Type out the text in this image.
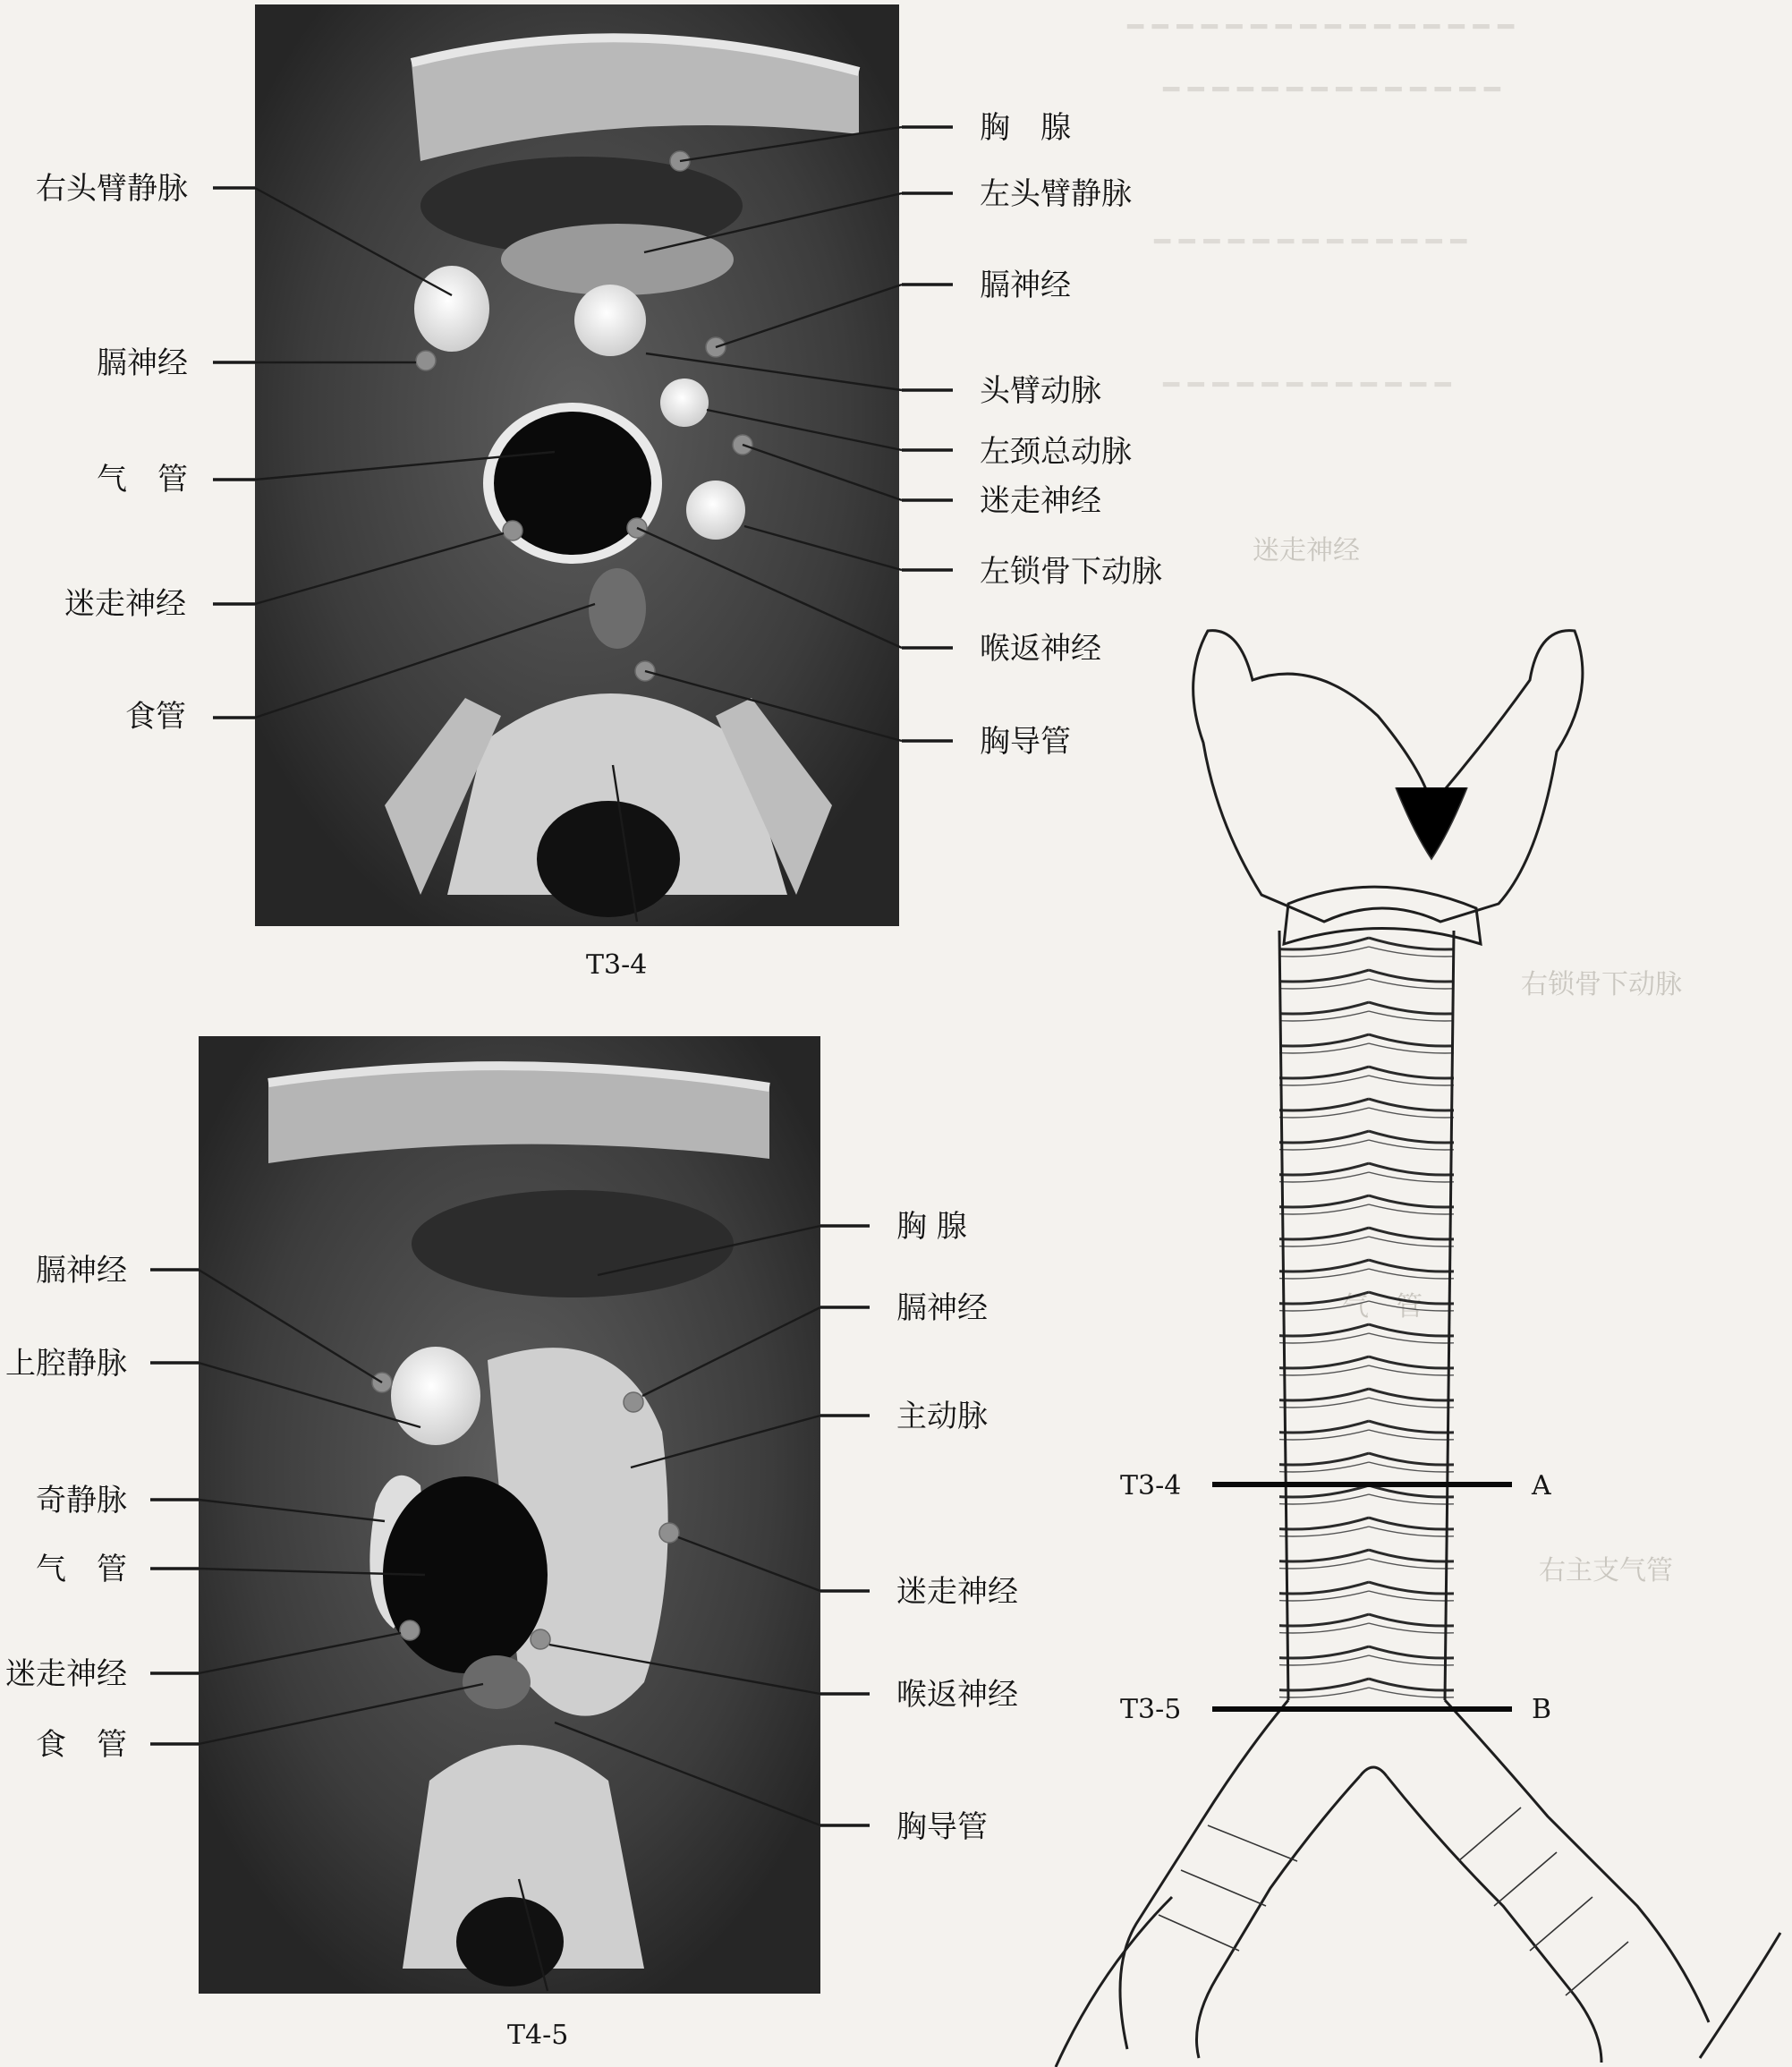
━ ━ ━ ━ ━ ━ ━ ━ ━ ━ ━ ━ ━ ━ ━ ━
━ ━ ━ ━ ━ ━ ━ ━ ━ ━ ━ ━ ━ ━
━ ━ ━ ━ ━ ━ ━ ━ ━ ━ ━ ━ ━
━ ━ ━ ━ ━ ━ ━ ━ ━ ━ ━ ━
迷走神经
右锁骨下动脉
右主支气管
右头臂静脉
膈神经
气　管
迷走神经
食管
胸　腺
左头臂静脉
膈神经
头臂动脉
左颈总动脉
迷走神经
左锁骨下动脉
喉返神经
胸导管
T3-4
膈神经
上腔静脉
奇静脉
气　管
迷走神经
食　管
胸 腺
膈神经
主动脉
迷走神经
喉返神经
胸导管
T4-5
T3-4	A
T3-5	B
